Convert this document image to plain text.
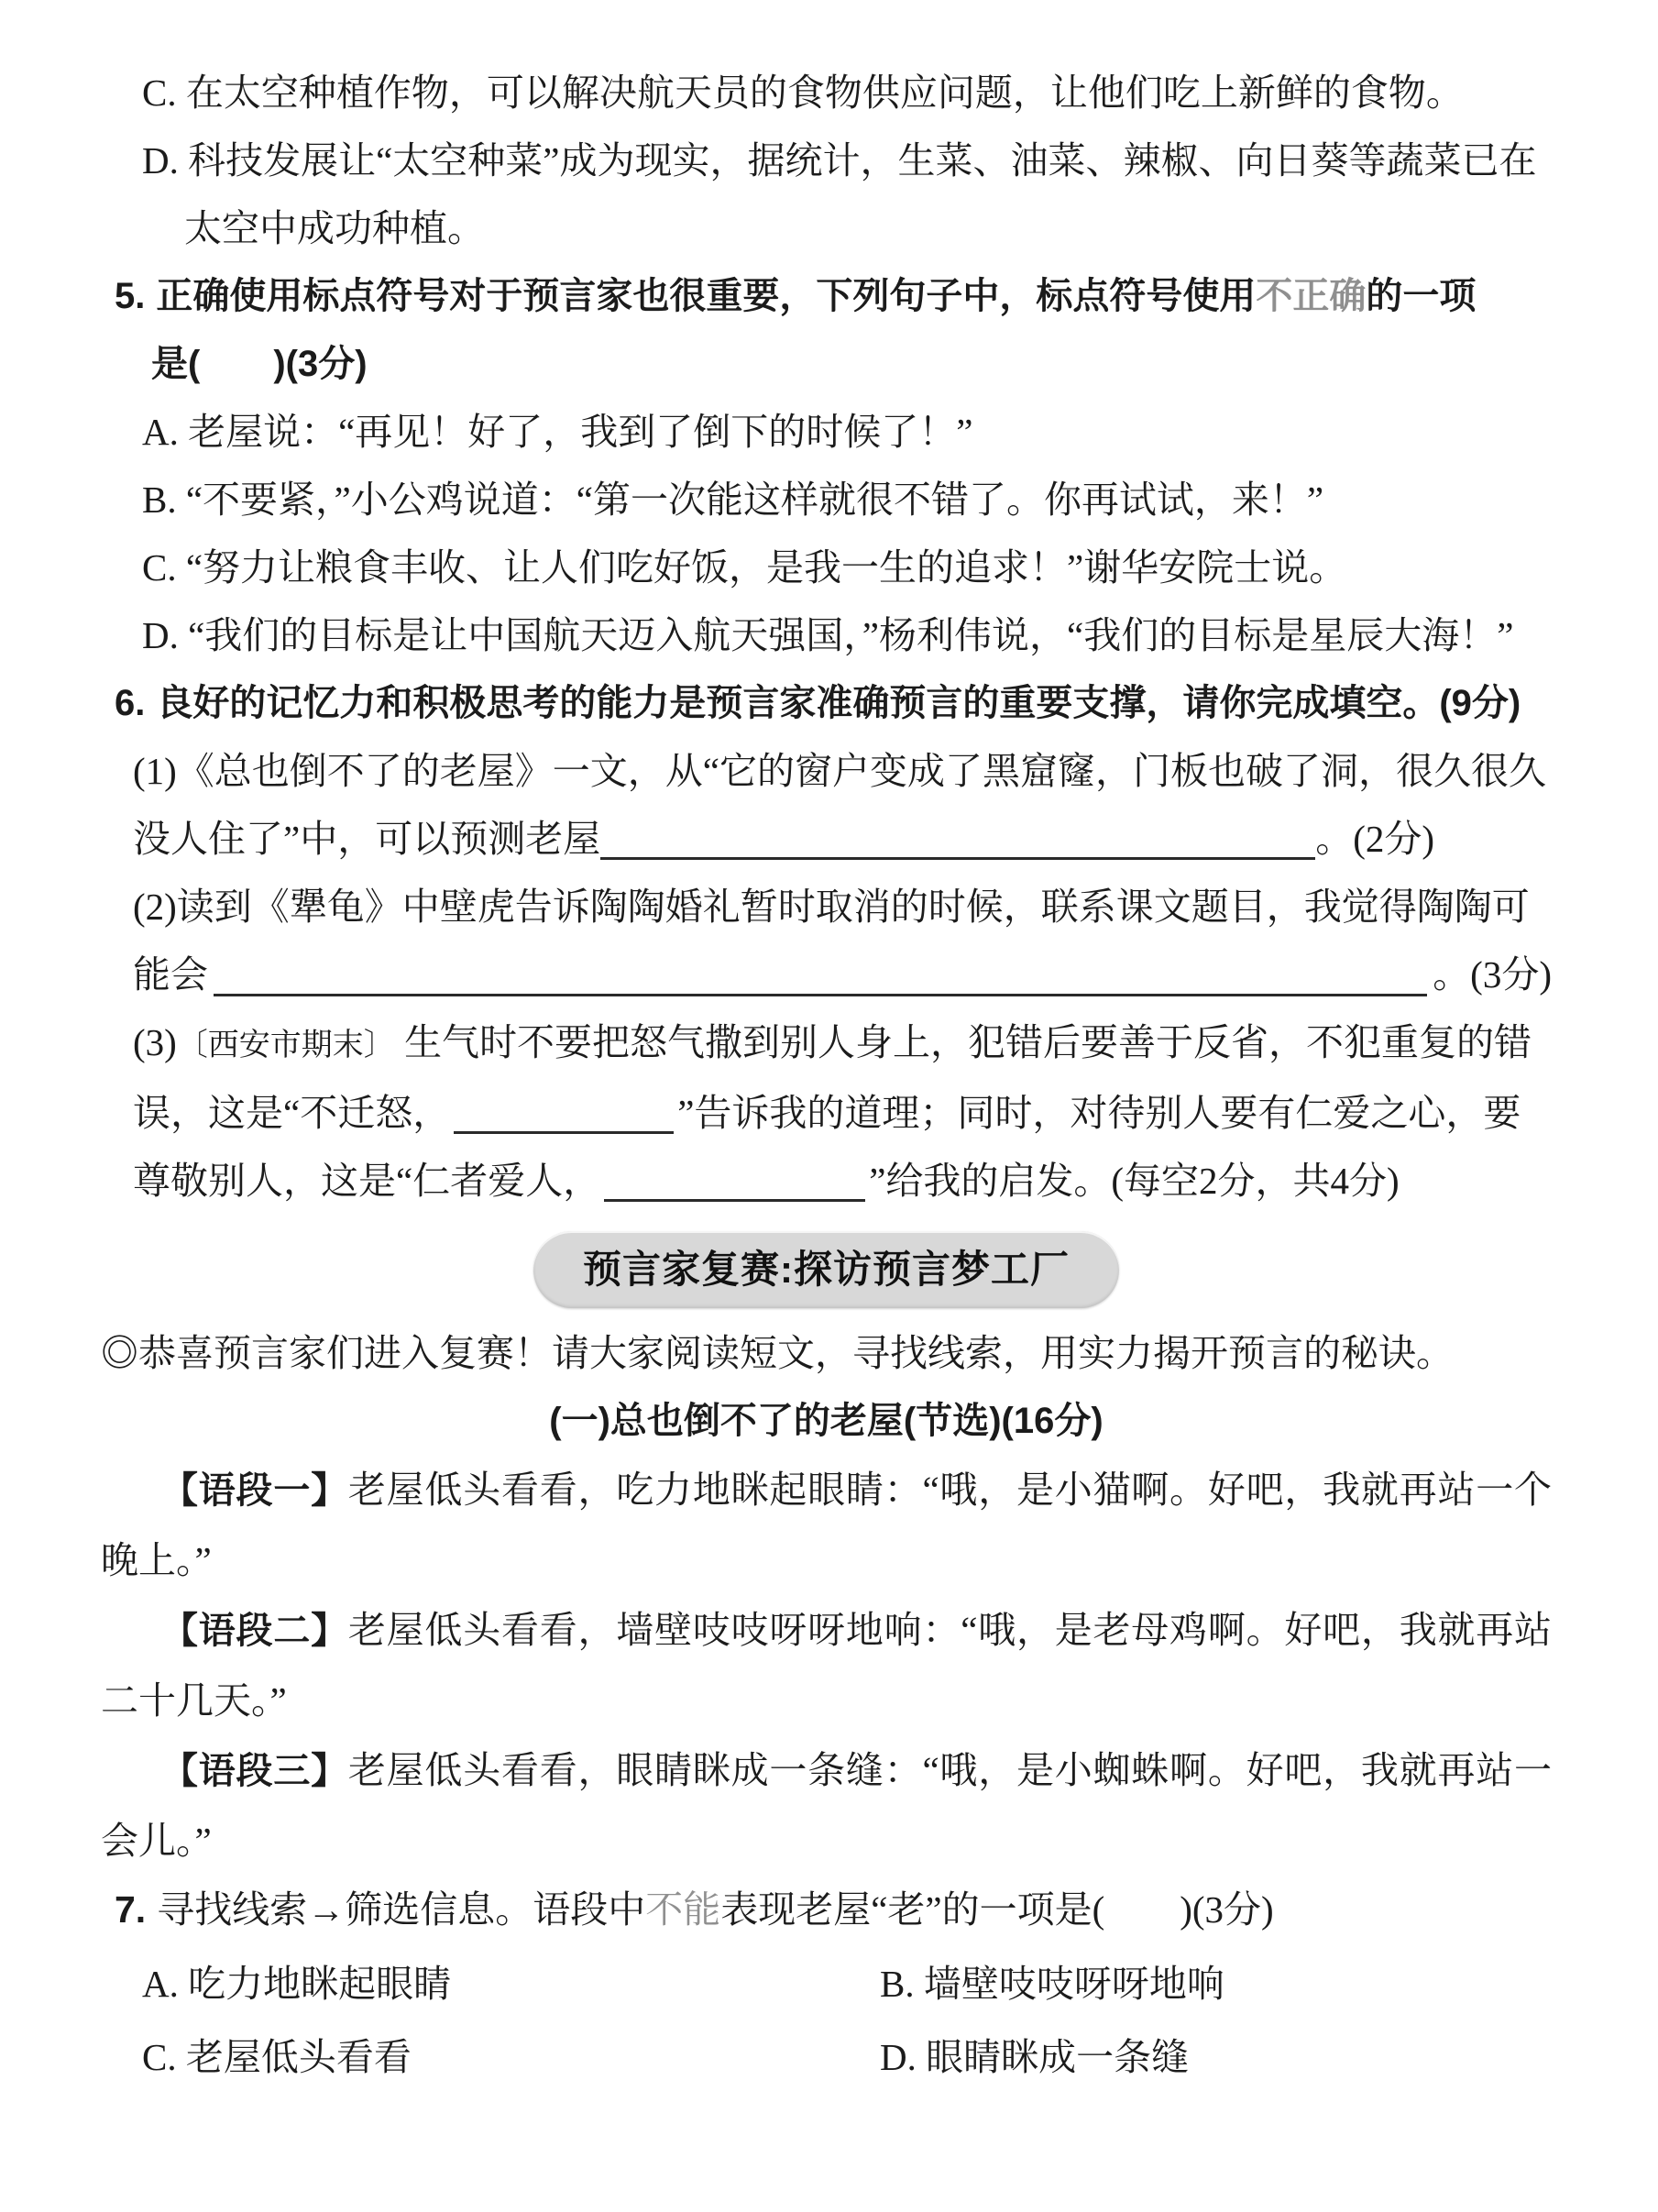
C. 在太空种植作物，可以解决航天员的食物供应问题，让他们吃上新鲜的食物。
D. 科技发展让“太空种菜”成为现实，据统计，生菜、油菜、辣椒、向日葵等蔬菜已在
太空中成功种植。
5. 正确使用标点符号对于预言家也很重要，下列句子中，标点符号使用不正确的一项
是(　　)(3分)
A. 老屋说：“再见！好了，我到了倒下的时候了！”
B. “不要紧，”小公鸡说道：“第一次能这样就很不错了。你再试试，来！”
C. “努力让粮食丰收、让人们吃好饭，是我一生的追求！”谢华安院士说。
D. “我们的目标是让中国航天迈入航天强国，”杨利伟说，“我们的目标是星辰大海！”
6. 良好的记忆力和积极思考的能力是预言家准确预言的重要支撑，请你完成填空。(9分)
(1)《总也倒不了的老屋》一文，从“它的窗户变成了黑窟窿，门板也破了洞，很久很久
没人住了”中，可以预测老屋	。(2分)
(2)读到《犟龟》中壁虎告诉陶陶婚礼暂时取消的时候，联系课文题目，我觉得陶陶可
能会	。(3分)
(3)〔西安市期末〕 生气时不要把怒气撒到别人身上，犯错后要善于反省，不犯重复的错
误，这是“不迁怒，	”告诉我的道理；同时，对待别人要有仁爱之心，要
尊敬别人，这是“仁者爱人，	”给我的启发。(每空2分，共4分)
预言家复赛:探访预言梦工厂
◎恭喜预言家们进入复赛！请大家阅读短文，寻找线索，用实力揭开预言的秘诀。
(一)总也倒不了的老屋(节选)(16分)

【语段一】老屋低头看看，吃力地眯起眼睛：“哦，是小猫啊。好吧，我就再站一个晚上。”

【语段二】老屋低头看看，墙壁吱吱呀呀地响：“哦，是老母鸡啊。好吧，我就再站二十几天。”

【语段三】老屋低头看看，眼睛眯成一条缝：“哦，是小蜘蛛啊。好吧，我就再站一会儿。”

7. 寻找线索→筛选信息。语段中不能表现老屋“老”的一项是(　　)(3分)
A. 吃力地眯起眼睛	B. 墙壁吱吱呀呀地响
C. 老屋低头看看	D. 眼睛眯成一条缝
